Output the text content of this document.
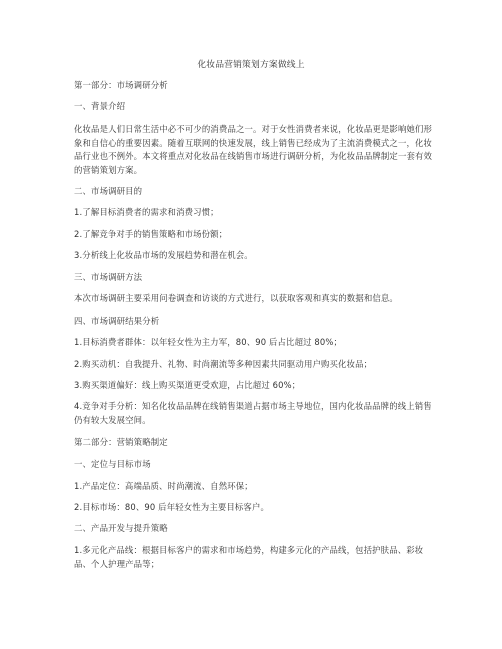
化妆品营销策划方案做线上
第一部分：市场调研分析
一、背景介绍
化妆品是人们日常生活中必不可少的消费品之一。对于女性消费者来说，化妆品更是影响她们形象和自信心的重要因素。随着互联网的快速发展，线上销售已经成为了主流消费模式之一，化妆品行业也不例外。本文将重点对化妆品在线销售市场进行调研分析，为化妆品品牌制定一套有效的营销策划方案。
二、市场调研目的
1.了解目标消费者的需求和消费习惯；
2.了解竞争对手的销售策略和市场份额；
3.分析线上化妆品市场的发展趋势和潜在机会。
三、市场调研方法
本次市场调研主要采用问卷调查和访谈的方式进行，以获取客观和真实的数据和信息。
四、市场调研结果分析
1.目标消费者群体：以年轻女性为主力军，80、90 后占比超过 80%；
2.购买动机：自我提升、礼物、时尚潮流等多种因素共同驱动用户购买化妆品；
3.购买渠道偏好：线上购买渠道更受欢迎，占比超过 60%；
4.竞争对手分析：知名化妆品品牌在线销售渠道占据市场主导地位，国内化妆品品牌的线上销售仍有较大发展空间。
第二部分：营销策略制定
一、定位与目标市场
1.产品定位：高端品质、时尚潮流、自然环保；
2.目标市场：80、90 后年轻女性为主要目标客户。
二、产品开发与提升策略
1.多元化产品线：根据目标客户的需求和市场趋势，构建多元化的产品线，包括护肤品、彩妆品、个人护理产品等；
